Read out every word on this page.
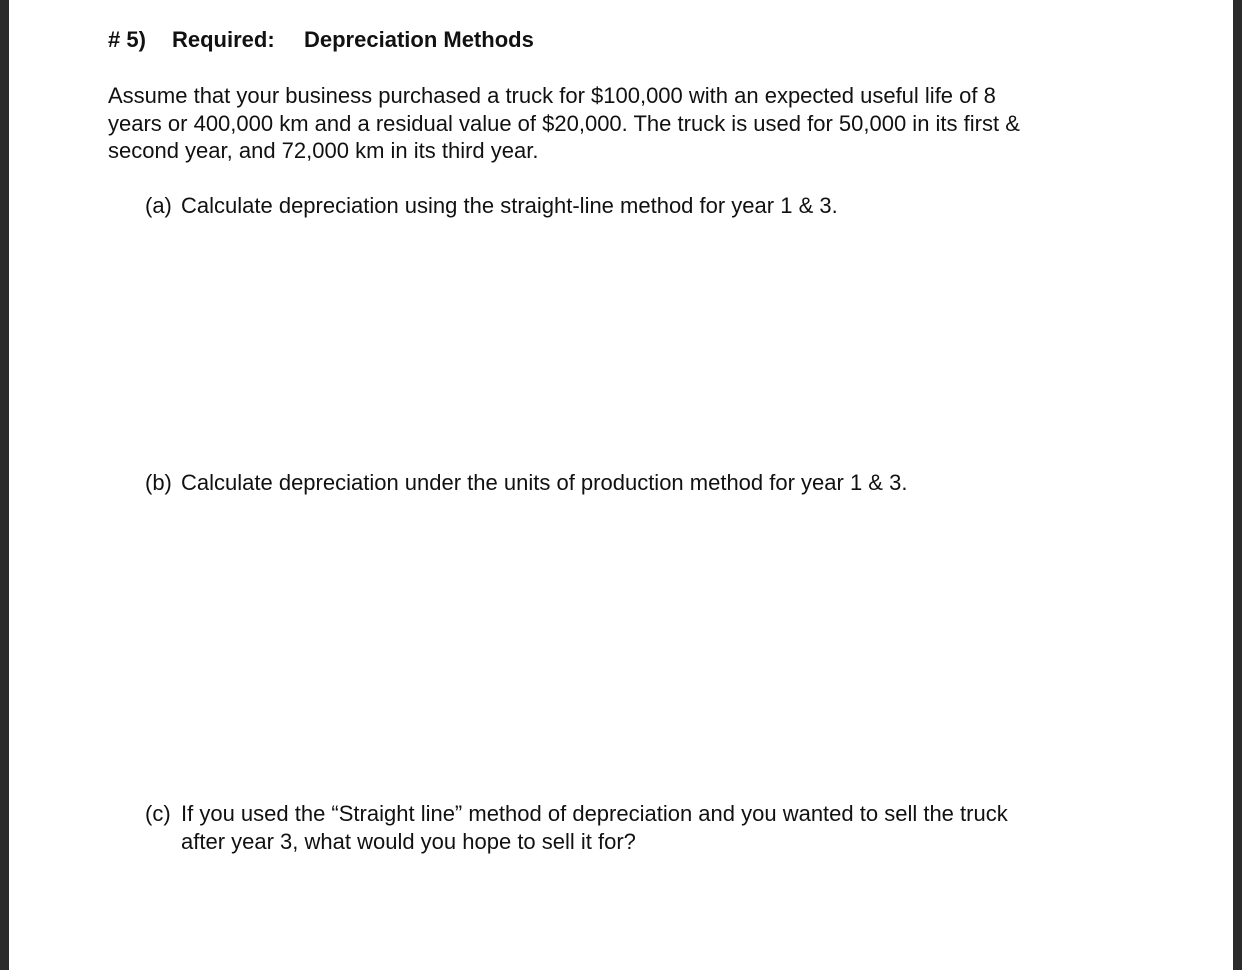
# 5) Required: Depreciation Methods
Assume that your business purchased a truck for $100,000 with an expected useful life of 8
years or 400,000 km and a residual value of $20,000. The truck is used for 50,000 in its first &
second year, and 72,000 km in its third year.
(a) Calculate depreciation using the straight-line method for year 1 & 3.
(b) Calculate depreciation under the units of production method for year 1 & 3.
(c) If you used the “Straight line” method of depreciation and you wanted to sell the truck
after year 3, what would you hope to sell it for?
